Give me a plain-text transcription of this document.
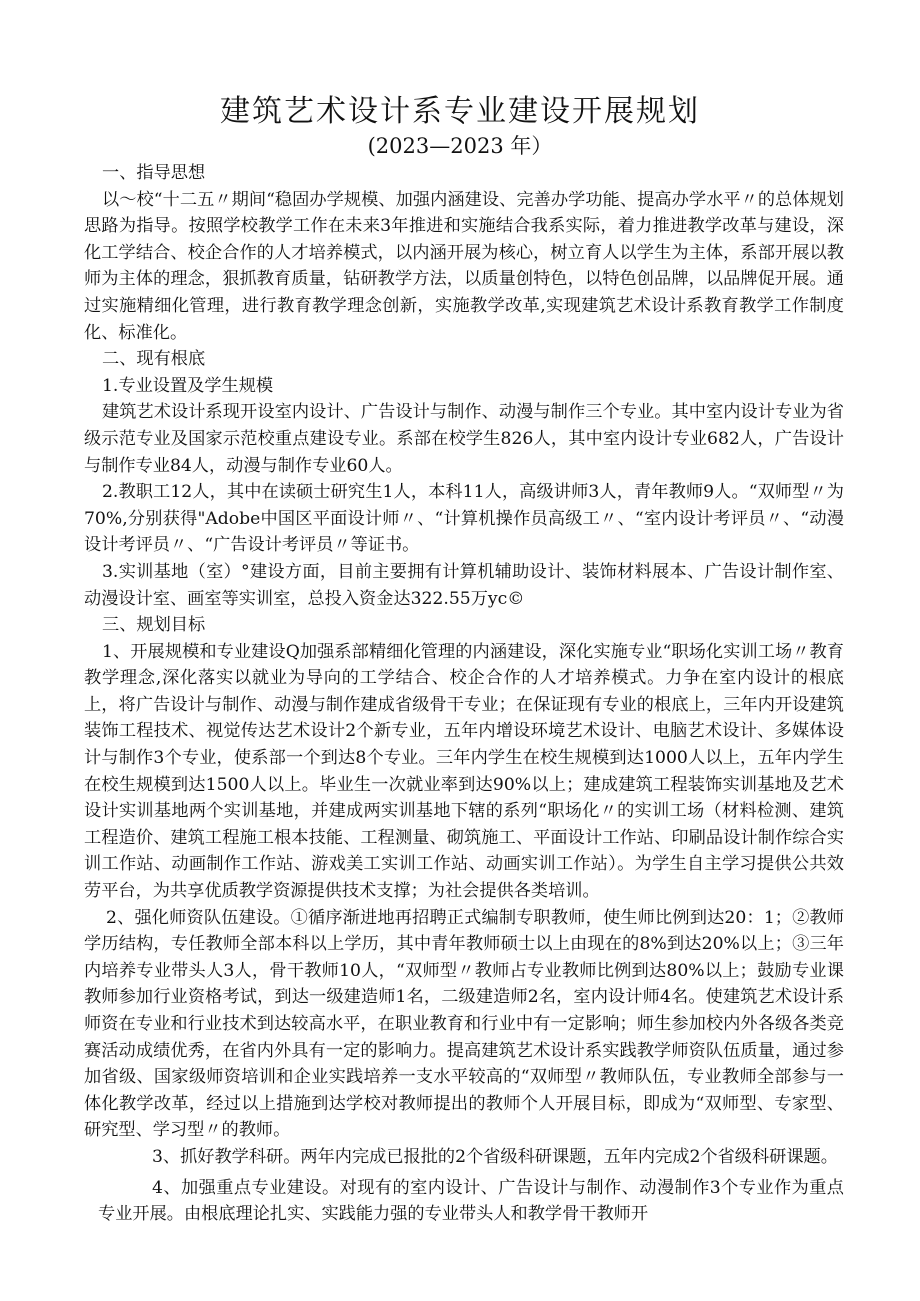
建筑艺术设计系专业建设开展规划
(2023—2023 年）

一、指导思想

以～校“十二五〃期间“稳固办学规模、加强内涵建设、完善办学功能、提高办学水平〃的总体规划思路为指导。按照学校教学工作在未来3年推进和实施结合我系实际，着力推进教学改革与建设，深化工学结合、校企合作的人才培养模式，以内涵开展为核心，树立育人以学生为主体，系部开展以教师为主体的理念，狠抓教育质量，钻研教学方法，以质量创特色，以特色创品牌，以品牌促开展。通过实施精细化管理，进行教育教学理念创新，实施教学改革,实现建筑艺术设计系教育教学工作制度化、标准化。

二、现有根底

1.专业设置及学生规模

建筑艺术设计系现开设室内设计、广告设计与制作、动漫与制作三个专业。其中室内设计专业为省级示范专业及国家示范校重点建设专业。系部在校学生826人，其中室内设计专业682人，广告设计与制作专业84人，动漫与制作专业60人。

2.教职工12人，其中在读硕士研究生1人，本科11人，高级讲师3人，青年教师9人。“双师型〃为70%,分别获得"Adobe中国区平面设计师〃、“计算机操作员高级工〃、“室内设计考评员〃、“动漫设计考评员〃、“广告设计考评员〃等证书。

3.实训基地（室）°建设方面，目前主要拥有计算机辅助设计、装饰材料展本、广告设计制作室、动漫设计室、画室等实训室，总投入资金达322.55万yc©

三、规划目标

1、开展规模和专业建设Q加强系部精细化管理的内涵建设，深化实施专业“职场化实训工场〃教育教学理念,深化落实以就业为导向的工学结合、校企合作的人才培养模式。力争在室内设计的根底上，将广告设计与制作、动漫与制作建成省级骨干专业；在保证现有专业的根底上，三年内开设建筑装饰工程技术、视觉传达艺术设计2个新专业，五年内增设环境艺术设计、电脑艺术设计、多媒体设计与制作3个专业，使系部一个到达8个专业。三年内学生在校生规模到达1000人以上，五年内学生在校生规模到达1500人以上。毕业生一次就业率到达90%以上；建成建筑工程装饰实训基地及艺术设计实训基地两个实训基地，并建成两实训基地下辖的系列“职场化〃的实训工场（材料检测、建筑工程造价、建筑工程施工根本技能、工程测量、砌筑施工、平面设计工作站、印刷品设计制作综合实训工作站、动画制作工作站、游戏美工实训工作站、动画实训工作站）。为学生自主学习提供公共效劳平台，为共享优质教学资源提供技术支撑；为社会提供各类培训。

2、强化师资队伍建设。①循序渐进地再招聘正式编制专职教师，使生师比例到达20：1；②教师学历结构，专任教师全部本科以上学历，其中青年教师硕士以上由现在的8%到达20%以上；③三年内培养专业带头人3人，骨干教师10人，“双师型〃教师占专业教师比例到达80%以上；鼓励专业课教师参加行业资格考试，到达一级建造师1名，二级建造师2名，室内设计师4名。使建筑艺术设计系师资在专业和行业技术到达较高水平，在职业教育和行业中有一定影响；师生参加校内外各级各类竞赛活动成绩优秀，在省内外具有一定的影响力。提高建筑艺术设计系实践教学师资队伍质量，通过参加省级、国家级师资培训和企业实践培养一支水平较高的“双师型〃教师队伍，专业教师全部参与一体化教学改革，经过以上措施到达学校对教师提出的教师个人开展目标，即成为“双师型、专家型、研究型、学习型〃的教师。

3、抓好教学科研。两年内完成已报批的2个省级科研课题，五年内完成2个省级科研课题。

4、加强重点专业建设。对现有的室内设计、广告设计与制作、动漫制作3个专业作为重点专业开展。由根底理论扎实、实践能力强的专业带头人和教学骨干教师开
